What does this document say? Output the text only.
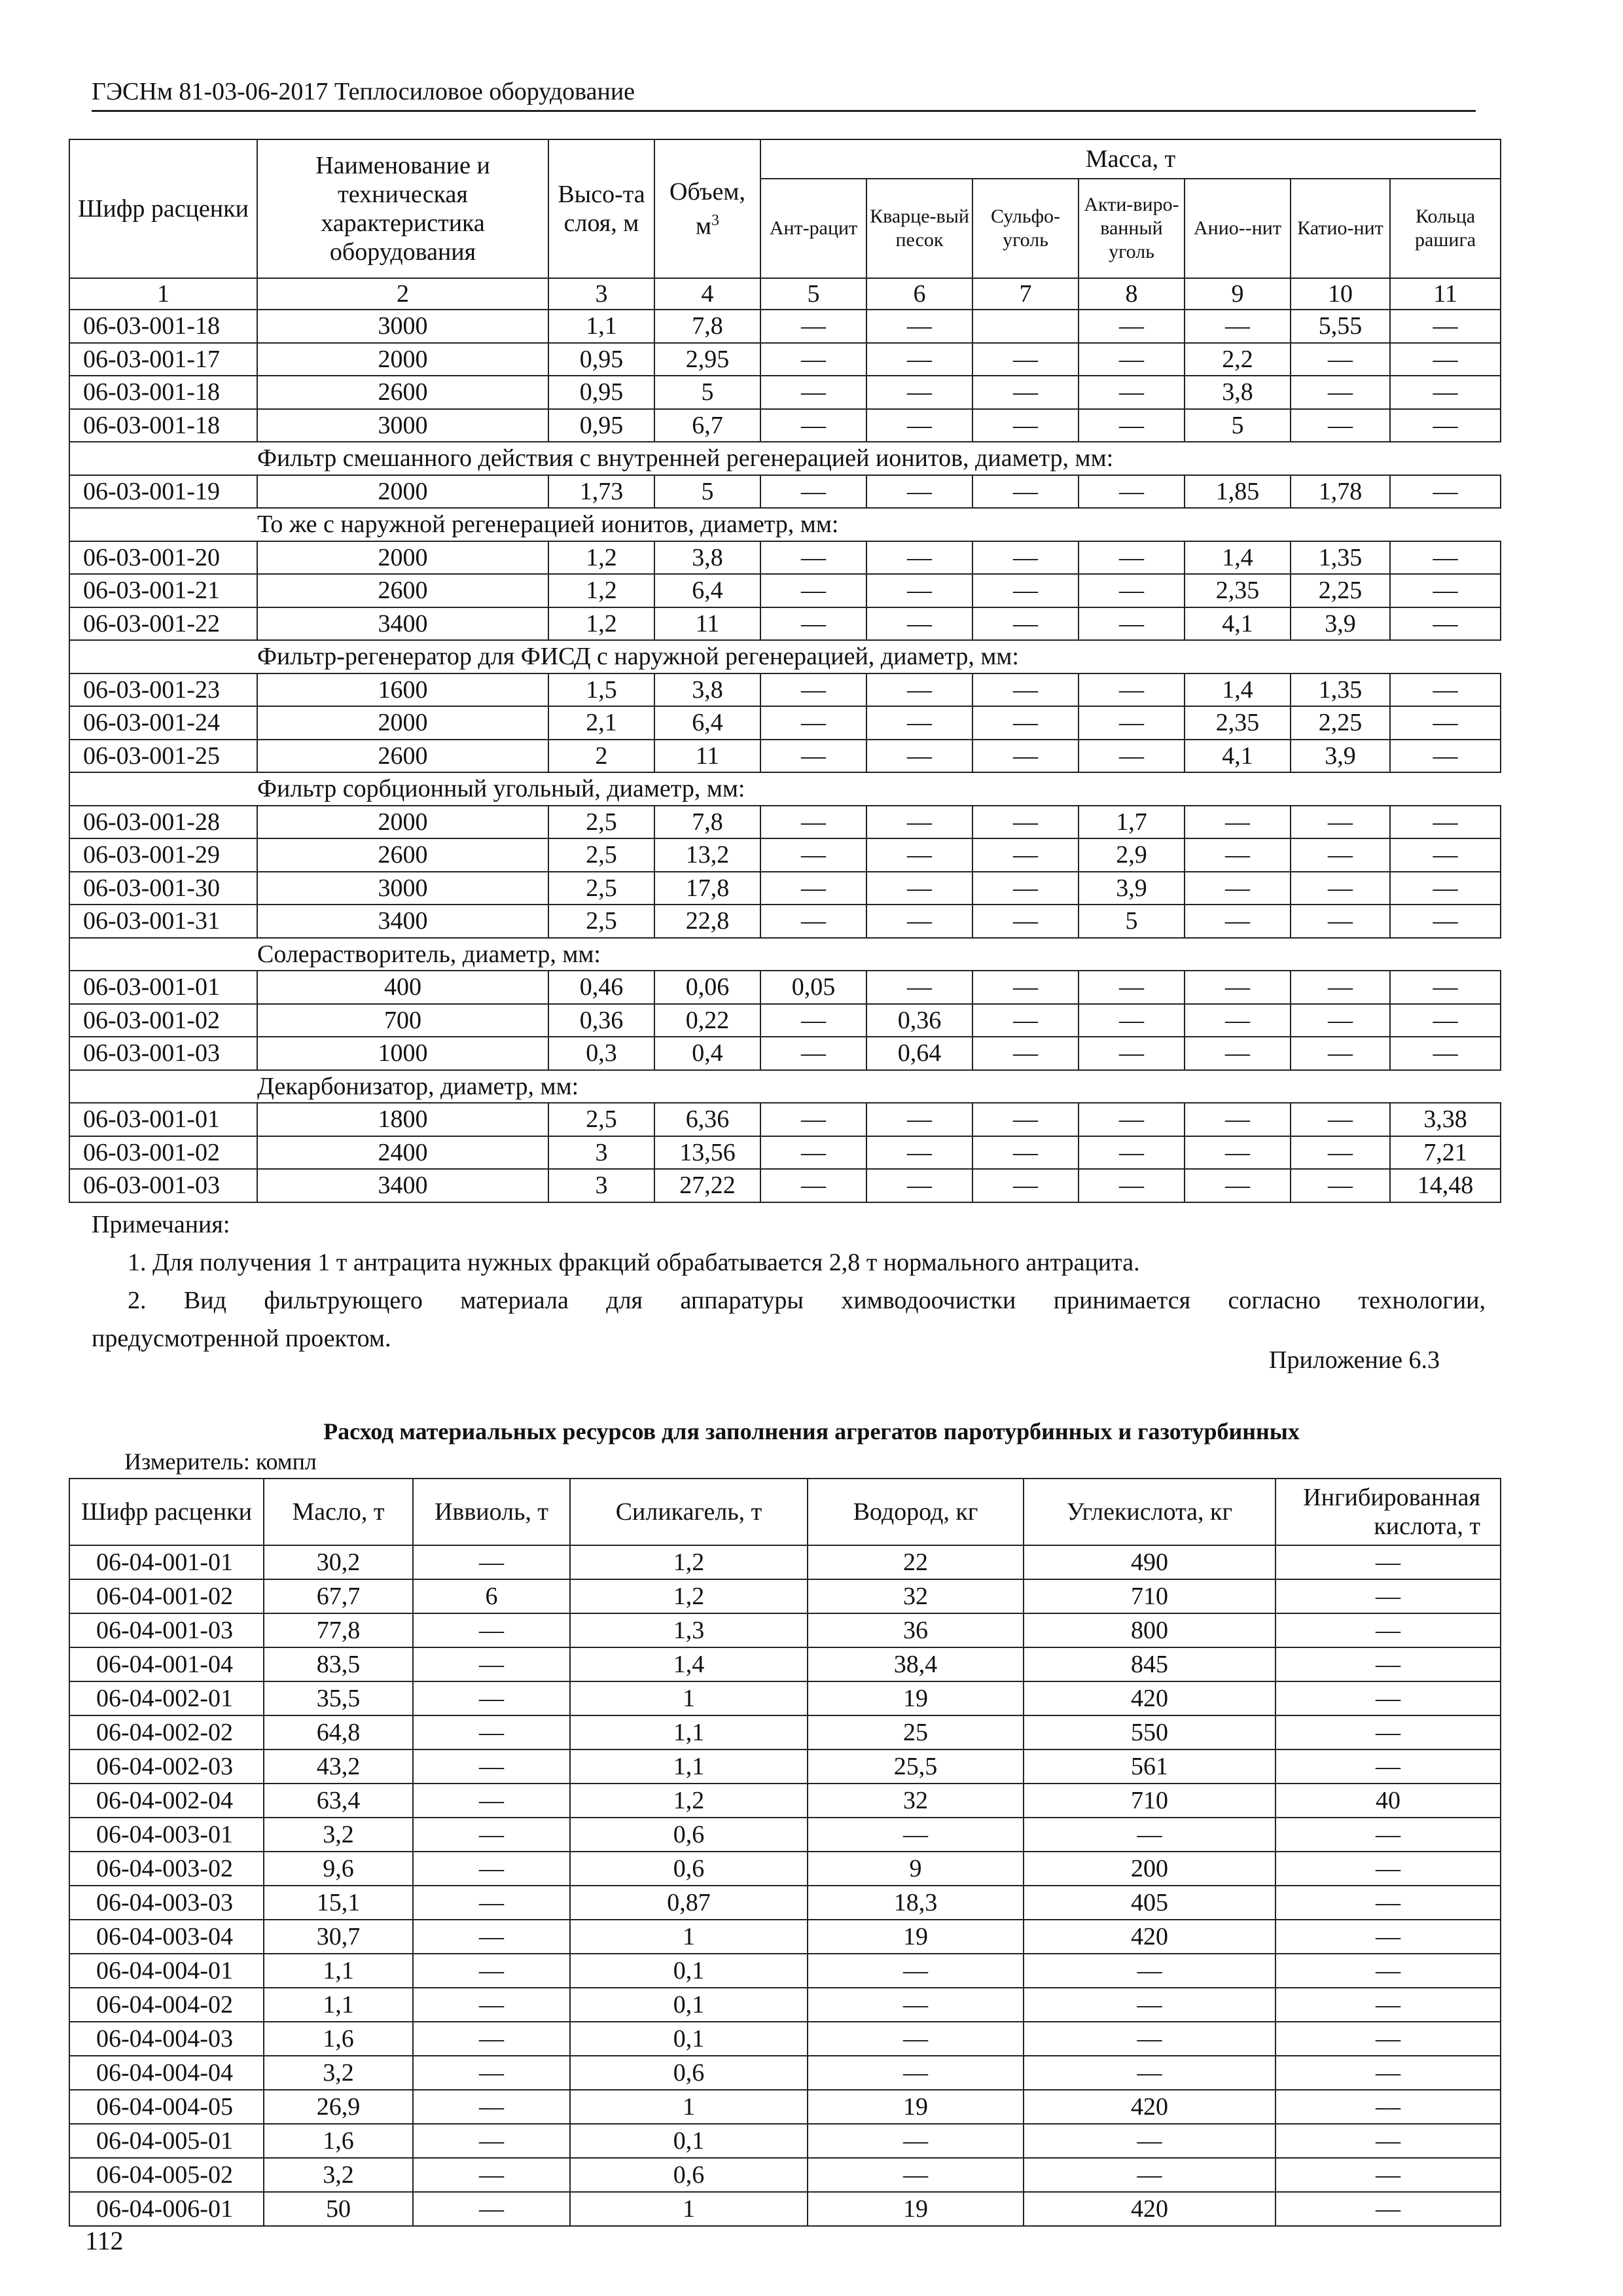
ГЭСНм 81-03-06-2017 Теплосиловое оборудование
Шифр расценки	Наименование и техническая характеристика оборудования	Высо-та слоя, м	Объем, $м^3$	Масса, т						
				Ант-рацит	Кварце-вый песок	Сульфо-уголь	Акти-виро-ванный уголь	Анио--нит	Катио-нит	Кольца рашига
1	2	3	4	5	6	7	8	9	10	11
06-03-001-18	3000	1,1	7,8	—	—		—	—	5,55	—
06-03-001-17	2000	0,95	2,95	—	—	—	—	2,2	—	—
06-03-001-18	2600	0,95	5	—	—	—	—	3,8	—	—
06-03-001-18	3000	0,95	6,7	—	—	—	—	5	—	—
	Фильтр смешанного действия с внутренней регенерацией ионитов, диаметр, мм:									
06-03-001-19	2000	1,73	5	—	—	—	—	1,85	1,78	—
	То же с наружной регенерацией ионитов, диаметр, мм:									
06-03-001-20	2000	1,2	3,8	—	—	—	—	1,4	1,35	—
06-03-001-21	2600	1,2	6,4	—	—	—	—	2,35	2,25	—
06-03-001-22	3400	1,2	11	—	—	—	—	4,1	3,9	—
	Фильтр-регенератор для ФИСД с наружной регенерацией, диаметр, мм:									
06-03-001-23	1600	1,5	3,8	—	—	—	—	1,4	1,35	—
06-03-001-24	2000	2,1	6,4	—	—	—	—	2,35	2,25	—
06-03-001-25	2600	2	11	—	—	—	—	4,1	3,9	—
	Фильтр сорбционный угольный, диаметр, мм:									
06-03-001-28	2000	2,5	7,8	—	—	—	1,7	—	—	—
06-03-001-29	2600	2,5	13,2	—	—	—	2,9	—	—	—
06-03-001-30	3000	2,5	17,8	—	—	—	3,9	—	—	—
06-03-001-31	3400	2,5	22,8	—	—	—	5	—	—	—
	Солерастворитель, диаметр, мм:									
06-03-001-01	400	0,46	0,06	0,05	—	—	—	—	—	—
06-03-001-02	700	0,36	0,22	—	0,36	—	—	—	—	—
06-03-001-03	1000	0,3	0,4	—	0,64	—	—	—	—	—
	Декарбонизатор, диаметр, мм:									
06-03-001-01	1800	2,5	6,36	—	—	—	—	—	—	3,38
06-03-001-02	2400	3	13,56	—	—	—	—	—	—	7,21
06-03-001-03	3400	3	27,22	—	—	—	—	—	—	14,48

Примечания:

1. Для получения 1 т антрацита нужных фракций обрабатывается 2,8 т нормального антрацита.

2. Вид фильтрующего материала для аппаратуры химводоочистки принимается согласно технологии,

предусмотренной проектом.

Приложение 6.3
Расход материальных ресурсов для заполнения агрегатов паротурбинных и газотурбинных
Измеритель: компл
Шифр расценки	Масло, т	Иввиоль, т	Силикагель, т	Водород, кг	Углекислота, кг	Ингибированная кислота, т
06-04-001-01	30,2	—	1,2	22	490	—
06-04-001-02	67,7	6	1,2	32	710	—
06-04-001-03	77,8	—	1,3	36	800	—
06-04-001-04	83,5	—	1,4	38,4	845	—
06-04-002-01	35,5	—	1	19	420	—
06-04-002-02	64,8	—	1,1	25	550	—
06-04-002-03	43,2	—	1,1	25,5	561	—
06-04-002-04	63,4	—	1,2	32	710	40
06-04-003-01	3,2	—	0,6	—	—	—
06-04-003-02	9,6	—	0,6	9	200	—
06-04-003-03	15,1	—	0,87	18,3	405	—
06-04-003-04	30,7	—	1	19	420	—
06-04-004-01	1,1	—	0,1	—	—	—
06-04-004-02	1,1	—	0,1	—	—	—
06-04-004-03	1,6	—	0,1	—	—	—
06-04-004-04	3,2	—	0,6	—	—	—
06-04-004-05	26,9	—	1	19	420	—
06-04-005-01	1,6	—	0,1	—	—	—
06-04-005-02	3,2	—	0,6	—	—	—
06-04-006-01	50	—	1	19	420	—
112
